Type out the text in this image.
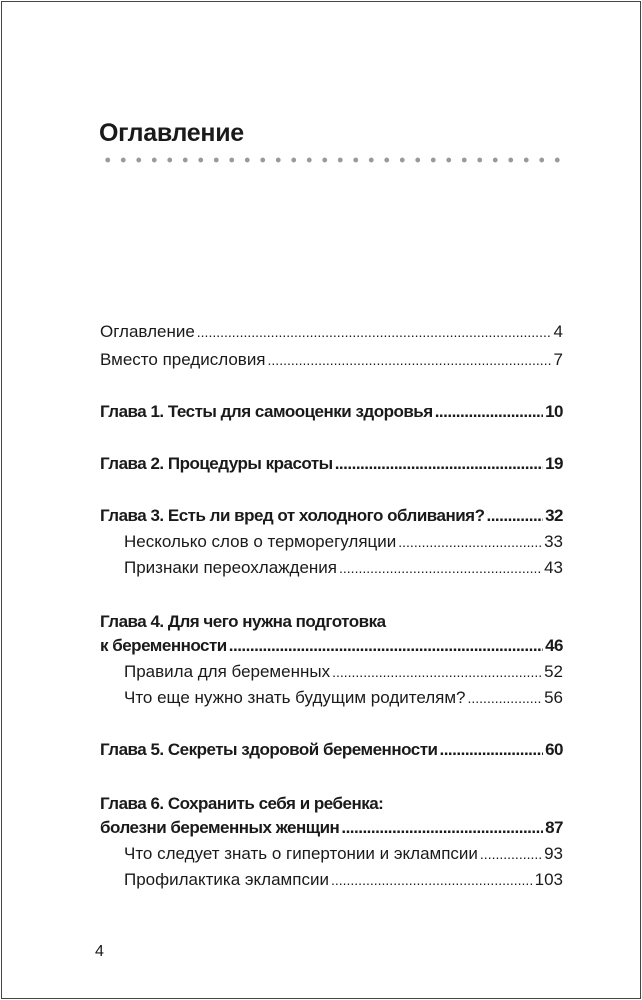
Оглавление
Оглавление .....	4
Вместо предисловия .....	7
Глава 1. Тесты для самооценки здоровья .....	10
Глава 2. Процедуры красоты .....	19
Глава 3. Есть ли вред от холодного обливания? .....	32
Несколько слов о терморегуляции .....	33
Признаки переохлаждения .....	43
Глава 4. Для чего нужна подготовка
к беременности .....	46
Правила для беременных .....	52
Что еще нужно знать будущим родителям? .....	56
Глава 5. Секреты здоровой беременности .....	60
Глава 6. Сохранить себя и ребенка:
болезни беременных женщин .....	87
Что следует знать о гипертонии и эклампсии .....	93
Профилактика эклампсии .....	103
4
